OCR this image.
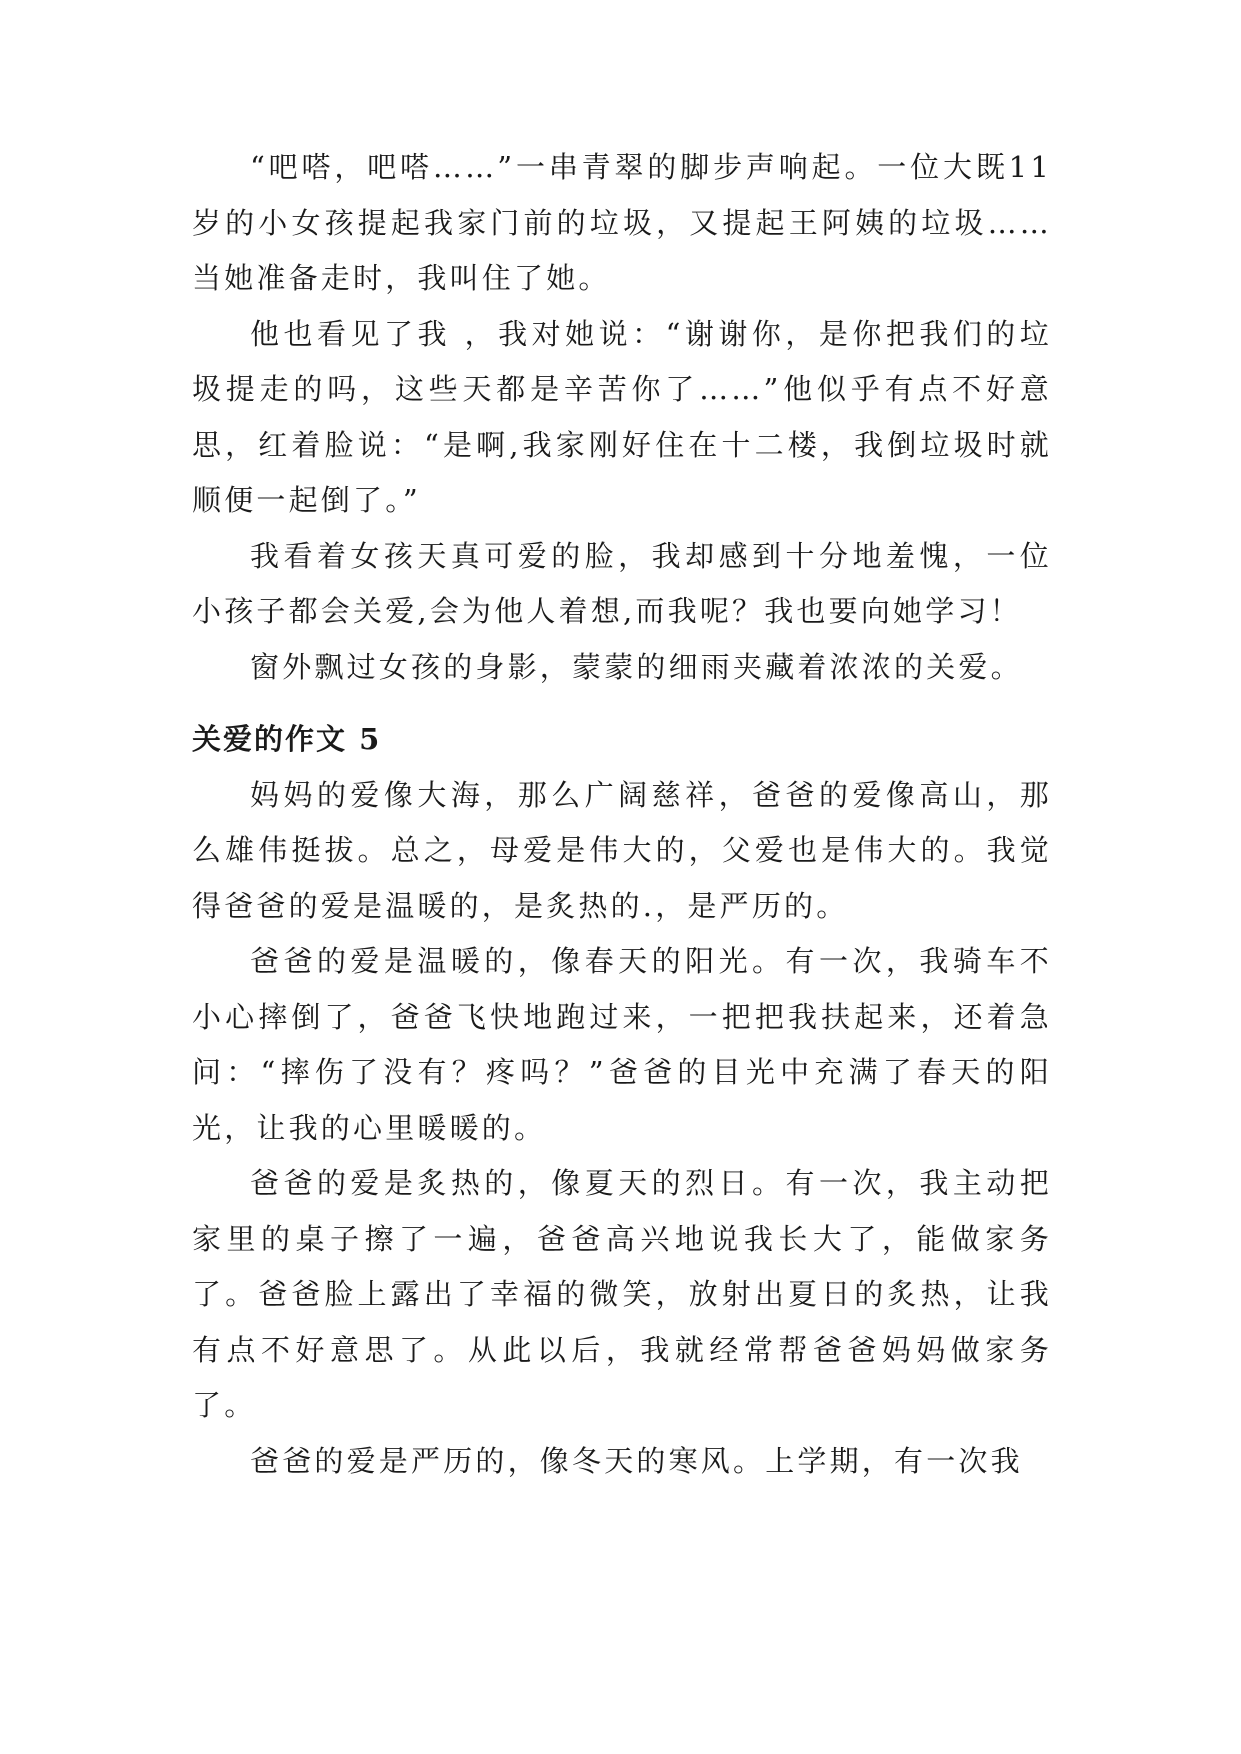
“吧嗒，吧嗒……”一串青翠的脚步声响起。一位大既11岁的小女孩提起我家门前的垃圾，又提起王阿姨的垃圾……当她准备走时，我叫住了她。

他也看见了我 ，我对她说：“谢谢你，是你把我们的垃圾提走的吗，这些天都是辛苦你了……”他似乎有点不好意思，红着脸说：“是啊,我家刚好住在十二楼，我倒垃圾时就顺便一起倒了。”

我看着女孩天真可爱的脸，我却感到十分地羞愧，一位小孩子都会关爱,会为他人着想,而我呢？我也要向她学习！

窗外飘过女孩的身影，蒙蒙的细雨夹藏着浓浓的关爱。

关爱的作文 5

妈妈的爱像大海，那么广阔慈祥，爸爸的爱像高山，那么雄伟挺拔。总之，母爱是伟大的，父爱也是伟大的。我觉得爸爸的爱是温暖的，是炙热的.，是严历的。

爸爸的爱是温暖的，像春天的阳光。有一次，我骑车不小心摔倒了，爸爸飞快地跑过来，一把把我扶起来，还着急问：“摔伤了没有？疼吗？”爸爸的目光中充满了春天的阳光，让我的心里暖暖的。

爸爸的爱是炙热的，像夏天的烈日。有一次，我主动把家里的桌子擦了一遍，爸爸高兴地说我长大了，能做家务了。爸爸脸上露出了幸福的微笑，放射出夏日的炙热，让我有点不好意思了。从此以后，我就经常帮爸爸妈妈做家务了。

爸爸的爱是严历的，像冬天的寒风。上学期，有一次我
